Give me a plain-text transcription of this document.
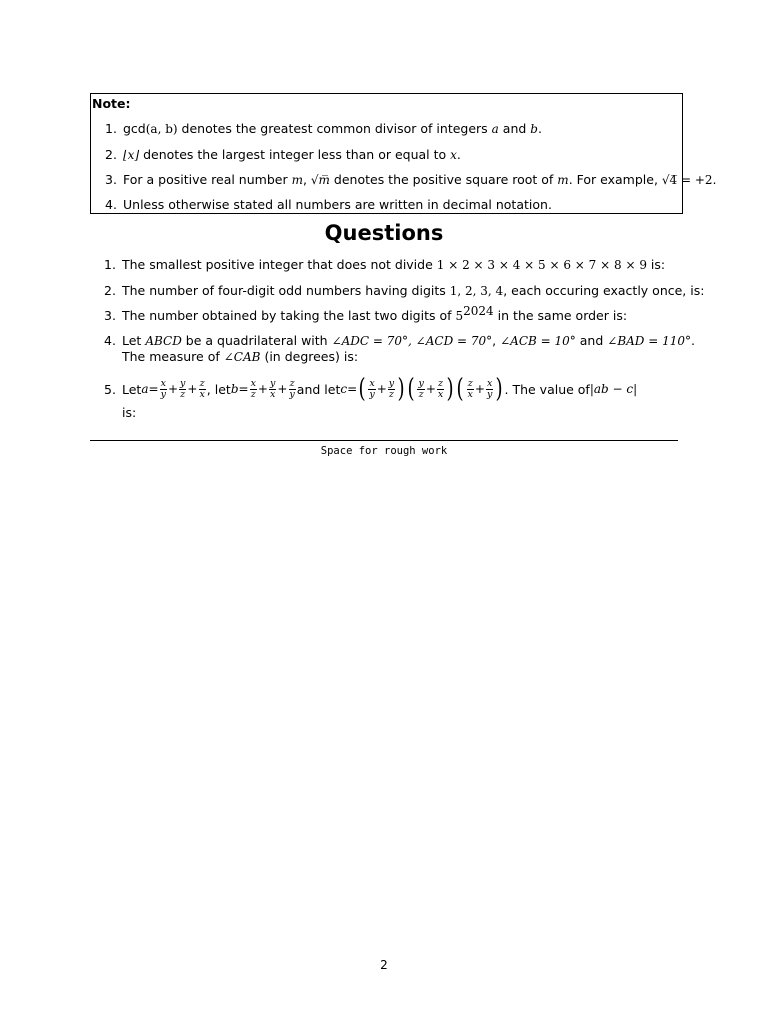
Note:
1. gcd(a, b) denotes the greatest common divisor of integers a and b.
2. ⌊x⌋ denotes the largest integer less than or equal to x.
3. For a positive real number m, √m̅ denotes the positive square root of m. For example, √4̅ = +2.
4. Unless otherwise stated all numbers are written in decimal notation.
Questions
1. The smallest positive integer that does not divide 1 × 2 × 3 × 4 × 5 × 6 × 7 × 8 × 9 is:
2. The number of four-digit odd numbers having digits 1, 2, 3, 4, each occuring exactly once, is:
3. The number obtained by taking the last two digits of $5^{2024}$ in the same order is:
4. Let ABCD be a quadrilateral with ∠ADC = 70°, ∠ACD = 70°, ∠ACB = 10° and ∠BAD = 110°.
The measure of ∠CAB (in degrees) is:
5. Let $a = \frac{x}{y} + \frac{y}{z} + \frac{z}{x}$ , let $b = \frac{x}{z} + \frac{y}{x} + \frac{z}{y}$ and let c = ( $\frac{x}{y} + \frac{y}{z}$ ) ( $\frac{y}{z} + \frac{z}{x}$ ) ( $\frac{z}{x} + \frac{x}{y}$ ) . The value of |ab − c|
is:
Space for rough work
2
